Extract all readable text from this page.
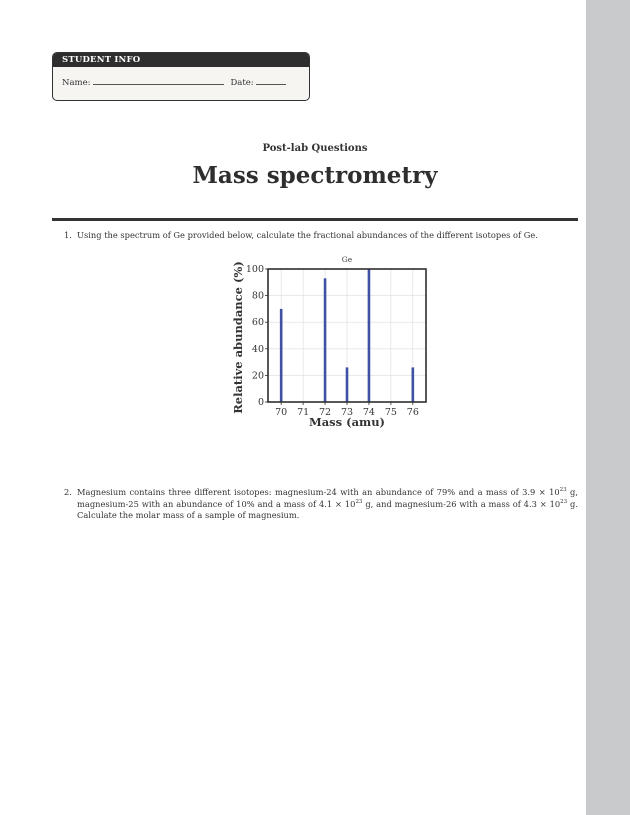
STUDENT INFO
Name:	Date:
Post-lab Questions
Mass spectrometry
1. Using the spectrum of Ge provided below, calculate the fractional abundances of the different isotopes of Ge.
0
20
40
60
80
100
70 71 72 73 74 75 76
Ge
Mass (amu)
Relative abundance (%)
2. Magnesium contains three different isotopes: magnesium-24 with an abundance of 79% and a mass of $3.9 \times 10^{23}$ g, magnesium-25 with an abundance of 10% and a mass of $4.1 \times 10^{23}$ g, and magnesium-26 with a mass of $4.3 \times 10^{23}$ g. Calculate the molar mass of a sample of magnesium.
